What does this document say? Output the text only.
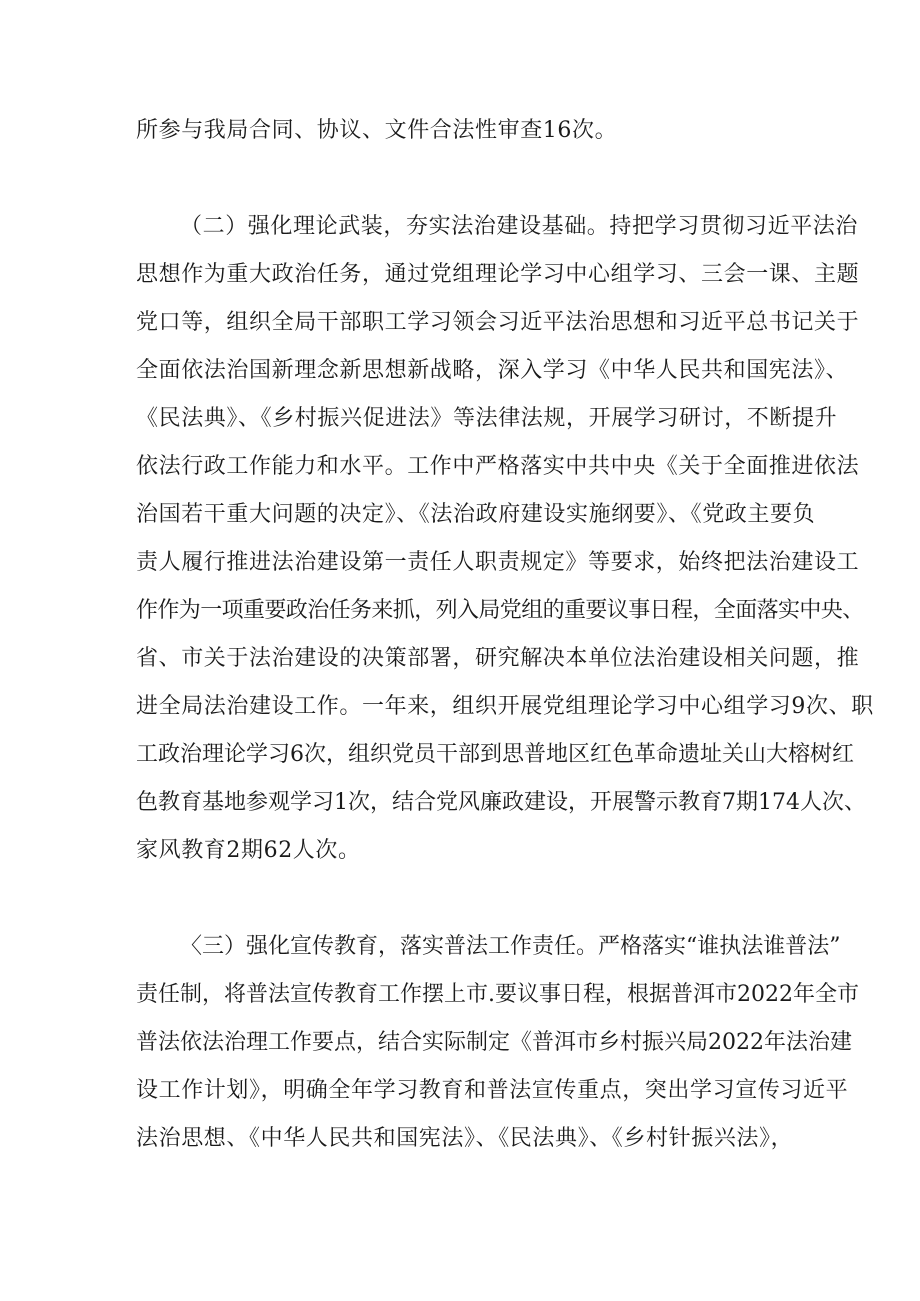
所参与我局合同、协议、文件合法性审查16次。
（二）强化理论武装，夯实法治建设基础。持把学习贯彻习近平法治
思想作为重大政治任务，通过党组理论学习中心组学习、三会一课、主题
党口等，组织全局干部职工学习领会习近平法治思想和习近平总书记关于
全面依法治国新理念新思想新战略，深入学习《中华人民共和国宪法》、
《民法典》、《乡村振兴促进法》等法律法规，开展学习研讨，不断提升
依法行政工作能力和水平。工作中严格落实中共中央《关于全面推进依法
治国若干重大问题的决定》、《法治政府建设实施纲要》、《党政主要负
责人履行推进法治建设第一责任人职责规定》等要求，始终把法治建设工
作作为一项重要政治任务来抓，列入局党组的重要议事日程，全面落实中央、
省、市关于法治建设的决策部署，研究解决本单位法治建设相关问题，推
进全局法治建设工作。一年来，组织开展党组理论学习中心组学习9次、职
工政治理论学习6次，组织党员干部到思普地区红色革命遗址关山大榕树红
色教育基地参观学习1次，结合党风廉政建设，开展警示教育7期174人次、
家风教育2期62人次。
〈三）强化宣传教育，落实普法工作责任。严格落实“谁执法谁普法”
责任制，将普法宣传教育工作摆上市.要议事日程，根据普洱市2022年全市
普法依法治理工作要点，结合实际制定《普洱市乡村振兴局2022年法治建
设工作计划》，明确全年学习教育和普法宣传重点，突出学习宣传习近平
法治思想、《中华人民共和国宪法》、《民法典》、《乡村针振兴法》，
